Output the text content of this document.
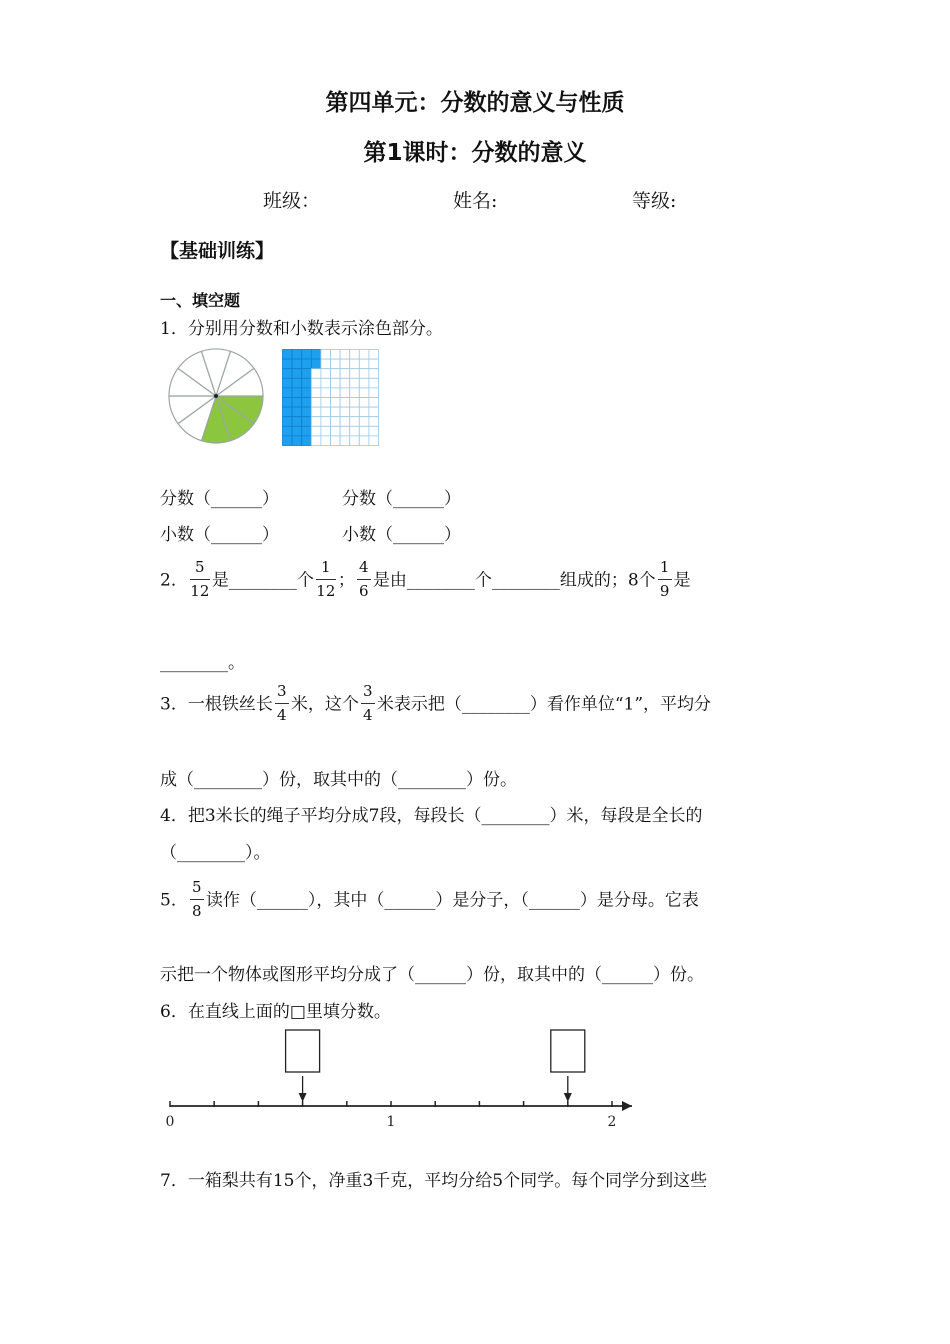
第四单元：分数的意义与性质
第1课时：分数的意义
班级：	姓名:	等级:
【基础训练】
一、填空题
1．分别用分数和小数表示涂色部分。
分数（______）	分数（______）
小数（______）	小数（______）
2． $\frac{5}{12}$ 是________个 $\frac{1}{12}$ ； $\frac{4}{6}$ 是由________个________组成的；8个 $\frac{1}{9}$ 是
________。
3．一根铁丝长 $\frac{3}{4}$ 米，这个 $\frac{3}{4}$ 米表示把（________）看作单位“1”，平均分
成（________）份，取其中的（________）份。
4．把3米长的绳子平均分成7段，每段长（________）米，每段是全长的
（________）。
5． $\frac{5}{8}$ 读作（______），其中（______）是分子，（______）是分母。它表
示把一个物体或图形平均分成了（______）份，取其中的（______）份。
6．在直线上面的□里填分数。
0	1	2
7．一箱梨共有15个，净重3千克，平均分给5个同学。每个同学分到这些
